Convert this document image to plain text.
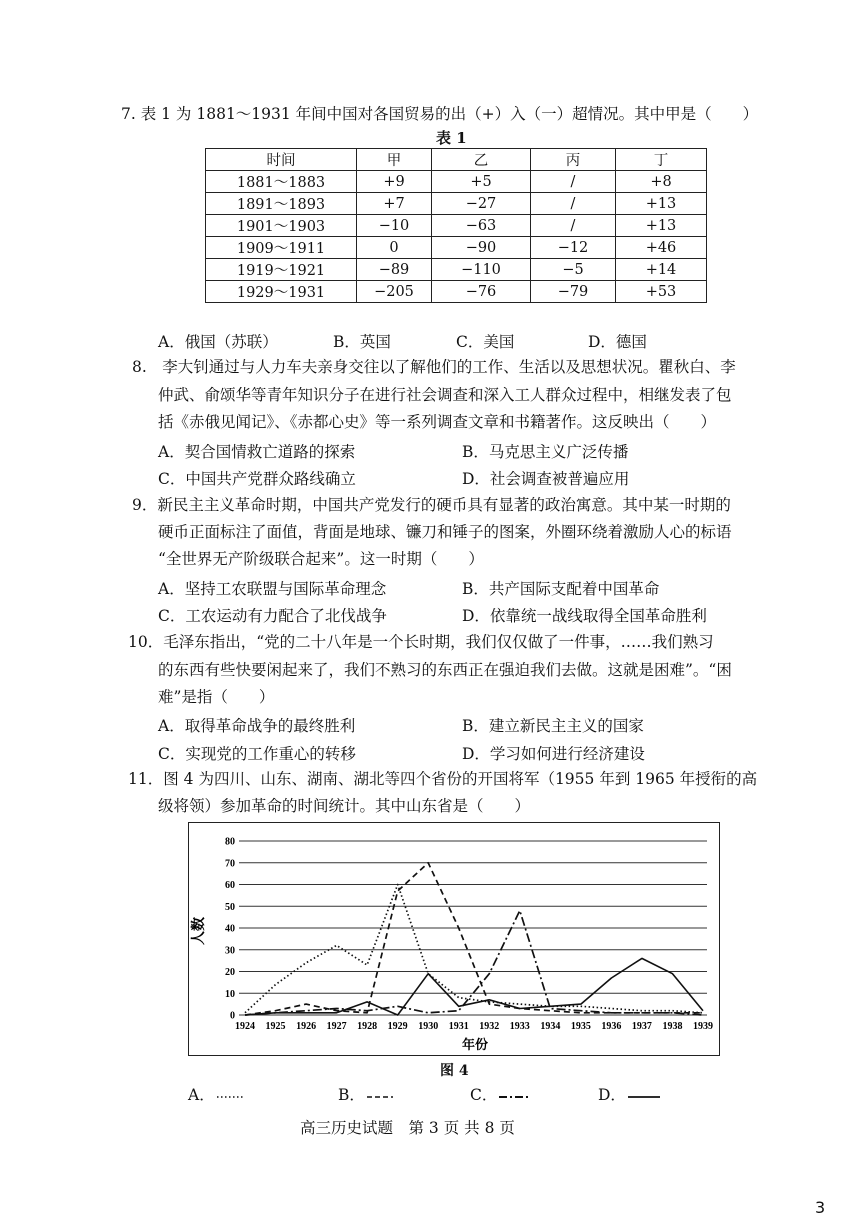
7. 表 1 为 1881～1931 年间中国对各国贸易的出（+）入（一）超情况。其中甲是（　　）
表 1
时间	甲	乙	丙	丁
1881～1883	+9	+5	/	+8
1891～1893	+7	−27	/	+13
1901～1903	−10	−63	/	+13
1909～1911	0	−90	−12	+46
1919～1921	−89	−110	−5	+14
1929～1931	−205	−76	−79	+53
A．俄国（苏联）	B．英国	C．美国	D．德国
8.　李大钊通过与人力车夫亲身交往以了解他们的工作、生活以及思想状况。瞿秋白、李
仲武、俞颂华等青年知识分子在进行社会调查和深入工人群众过程中，相继发表了包
括《赤俄见闻记》、《赤都心史》等一系列调查文章和书籍著作。这反映出（　　）
A．契合国情救亡道路的探索	B．马克思主义广泛传播
C．中国共产党群众路线确立	D．社会调查被普遍应用
9．新民主主义革命时期，中国共产党发行的硬币具有显著的政治寓意。其中某一时期的
硬币正面标注了面值，背面是地球、镰刀和锤子的图案，外圈环绕着激励人心的标语
“全世界无产阶级联合起来”。这一时期（　　）
A．坚持工农联盟与国际革命理念	B．共产国际支配着中国革命
C．工农运动有力配合了北伐战争	D．依靠统一战线取得全国革命胜利
10．毛泽东指出，“党的二十八年是一个长时期，我们仅仅做了一件事，……我们熟习
的东西有些快要闲起来了，我们不熟习的东西正在强迫我们去做。这就是困难”。“困
难”是指（　　）
A．取得革命战争的最终胜利	B．建立新民主主义的国家
C．实现党的工作重心的转移	D．学习如何进行经济建设
11．图 4 为四川、山东、湖南、湖北等四个省份的开国将军（1955 年到 1965 年授衔的高
级将领）参加革命的时间统计。其中山东省是（　　）
0
10
20
30
40
50
60
70
80
1924 1925 1926 1927 1928 1929 1930 1931 1932 1933 1934 1935 1936 1937 1938 1939
人数
年份
图 4
A．	B．	C．	D．
高三历史试题　第 3 页 共 8 页
3
